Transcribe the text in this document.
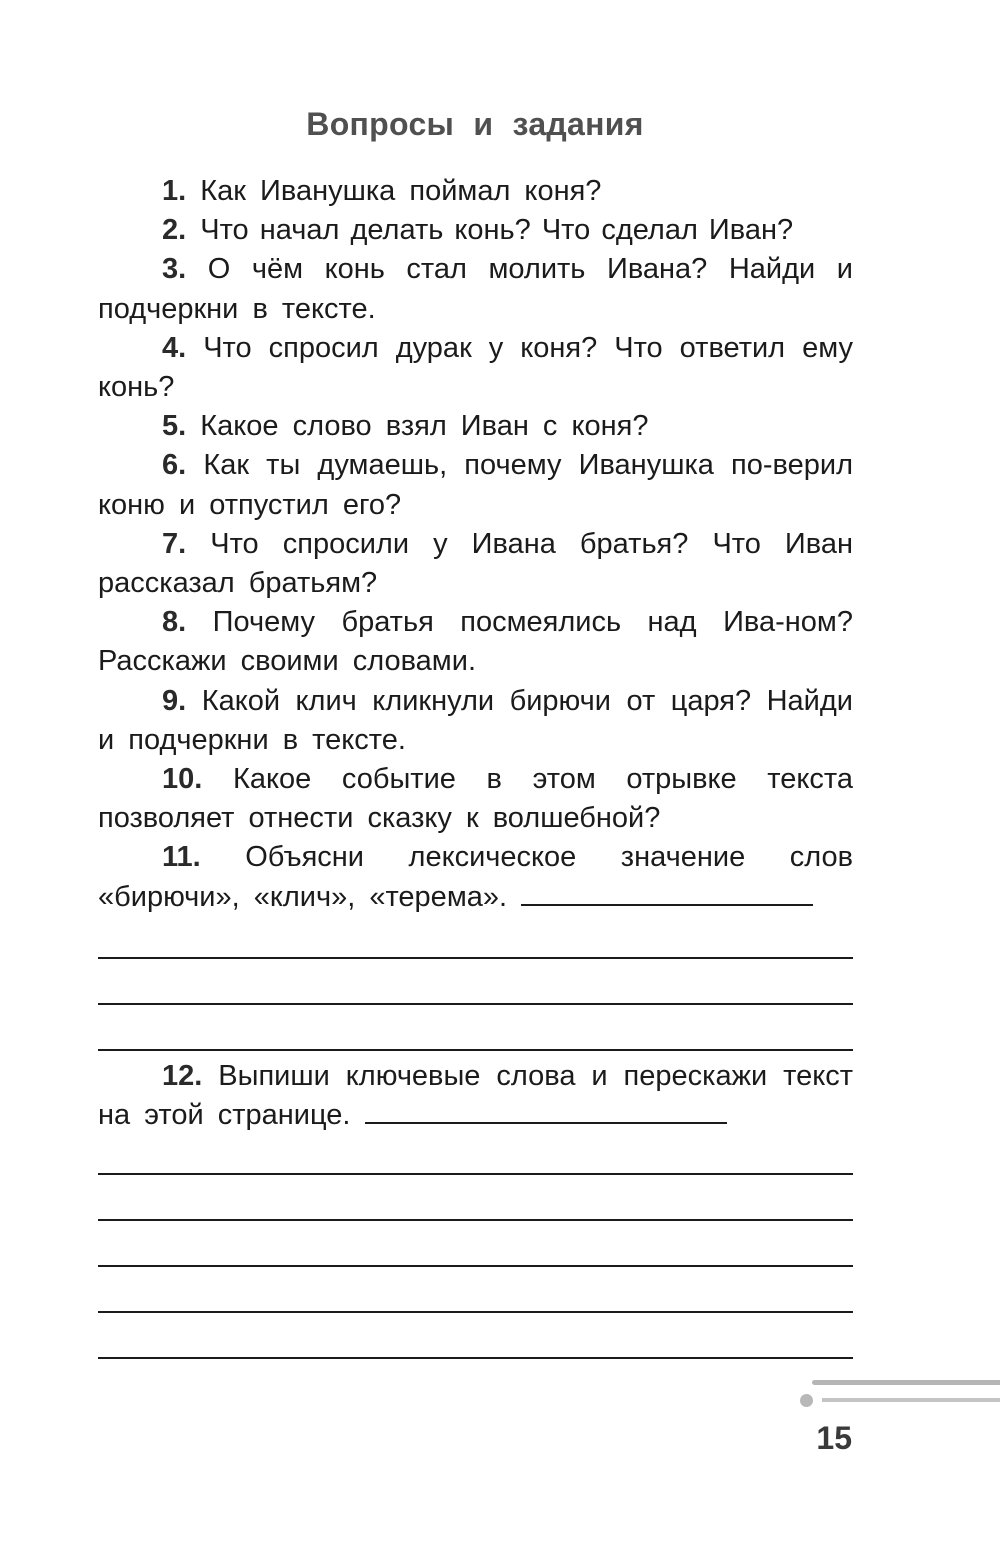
Вопросы и задания

1. Как Иванушка поймал коня?

2. Что начал делать конь? Что сделал Иван?

3. О чём конь стал молить Ивана? Найди и подчеркни в тексте.

4. Что спросил дурак у коня? Что ответил ему конь?

5. Какое слово взял Иван с коня?

6. Как ты думаешь, почему Иванушка по-верил коню и отпустил его?

7. Что спросили у Ивана братья? Что Иван рассказал братьям?

8. Почему братья посмеялись над Ива-ном? Расскажи своими словами.

9. Какой клич кликнули бирючи от царя? Найди и подчеркни в тексте.

10. Какое событие в этом отрывке текста позволяет отнести сказку к волшебной?

11. Объясни лексическое значение слов «бирючи», «клич», «терема».

12. Выпиши ключевые слова и перескажи текст на этой странице.

15
